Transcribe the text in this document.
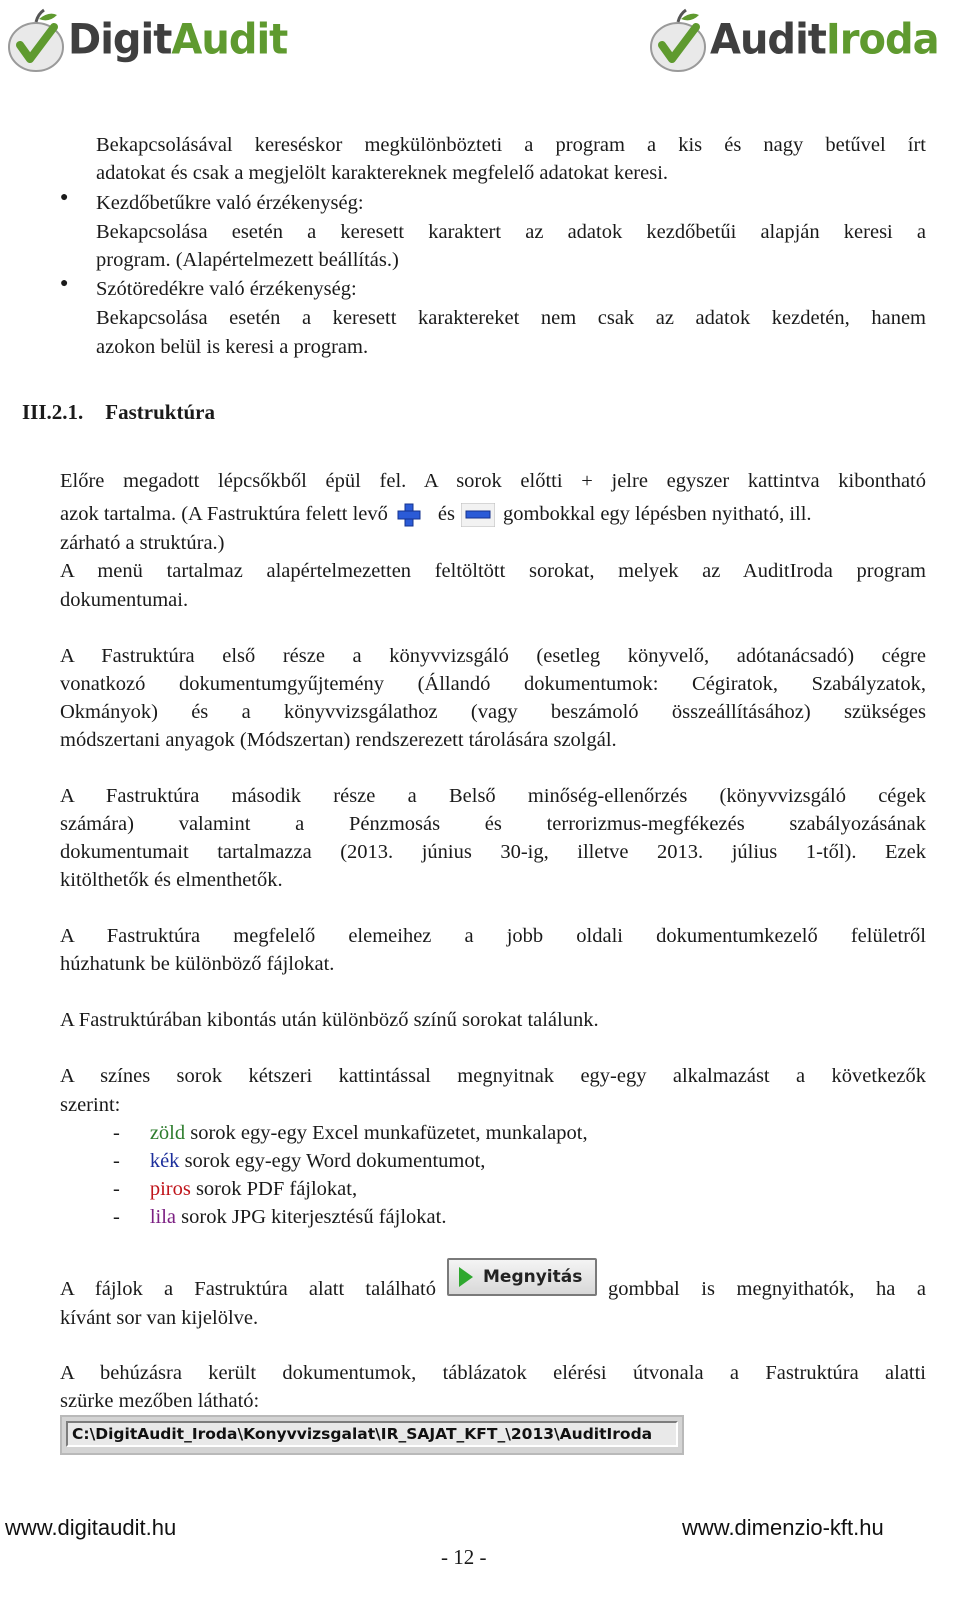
DigitAudit	AuditIroda
Bekapcsolásával kereséskor megkülönbözteti a program a kis és nagy betűvel írt
adatokat és csak a megjelölt karaktereknek megfelelő adatokat keresi.
● Kezdőbetűkre való érzékenység:
Bekapcsolása esetén a keresett karaktert az adatok kezdőbetűi alapján keresi a
program. (Alapértelmezett beállítás.)
● Szótöredékre való érzékenység:
Bekapcsolása esetén a keresett karaktereket nem csak az adatok kezdetén, hanem
azokon belül is keresi a program.
III.2.1. Fastruktúra
Előre megadott lépcsőkből épül fel. A sorok előtti + jelre egyszer kattintva kibontható
azok tartalma. (A Fastruktúra felett levő és gombokkal egy lépésben nyitható, ill.
zárható a struktúra.)
A menü tartalmaz alapértelmezetten feltöltött sorokat, melyek az AuditIroda program
dokumentumai.
A Fastruktúra első része a könyvvizsgáló (esetleg könyvelő, adótanácsadó) cégre
vonatkozó dokumentumgyűjtemény (Állandó dokumentumok: Cégiratok, Szabályzatok,
Okmányok) és a könyvvizsgálathoz (vagy beszámoló összeállításához) szükséges
módszertani anyagok (Módszertan) rendszerezett tárolására szolgál.
A Fastruktúra második része a Belső minőség-ellenőrzés (könyvvizsgáló cégek
számára) valamint a Pénzmosás és terrorizmus-megfékezés szabályozásának
dokumentumait tartalmazza (2013. június 30-ig, illetve 2013. július 1-től). Ezek
kitölthetők és elmenthetők.
A Fastruktúra megfelelő elemeihez a jobb oldali dokumentumkezelő felületről
húzhatunk be különböző fájlokat.
A Fastruktúrában kibontás után különböző színű sorokat találunk.
A színes sorok kétszeri kattintással megnyitnak egy-egy alkalmazást a következők
szerint:
- zöld sorok egy-egy Excel munkafüzetet, munkalapot,
- kék sorok egy-egy Word dokumentumot,
- piros sorok PDF fájlokat,
- lila sorok JPG kiterjesztésű fájlokat.
A fájlok a Fastruktúra alatt található
Megnyitás
gombbal is megnyithatók, ha a
kívánt sor van kijelölve.
A behúzásra került dokumentumok, táblázatok elérési útvonala a Fastruktúra alatti
szürke mezőben látható:
C:\DigitAudit_Iroda\Konyvvizsgalat\IR_SAJAT_KFT_\2013\AuditIroda
www.digitaudit.hu	www.dimenzio-kft.hu
- 12 -
